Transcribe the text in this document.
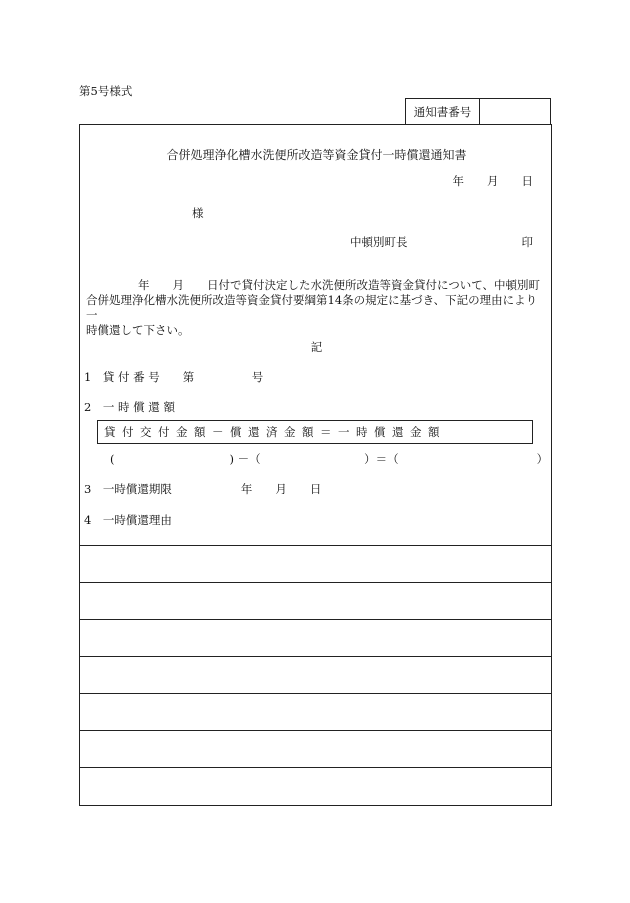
第5号様式
通知書番号
合併処理浄化槽水洗便所改造等資金貸付一時償還通知書
年　　月　　日
様
中頓別町長	印
年　　月　　日付で貸付決定した水洗便所改造等資金貸付について、中頓別町
合併処理浄化槽水洗便所改造等資金貸付要綱第14条の規定に基づき、下記の理由により一
時償還して下さい。
記
1　貸 付 番 号　　第　　　　　号
2　一 時 償 還 額
貸付交付金額－償還済金額＝一時償還金額
(　　　　　　　　　　) －（　　　　　　　　　）＝（　　　　　　　　　　　　）
3　一時償還期限　　　　　　年　　月　　日
4　一時償還理由
